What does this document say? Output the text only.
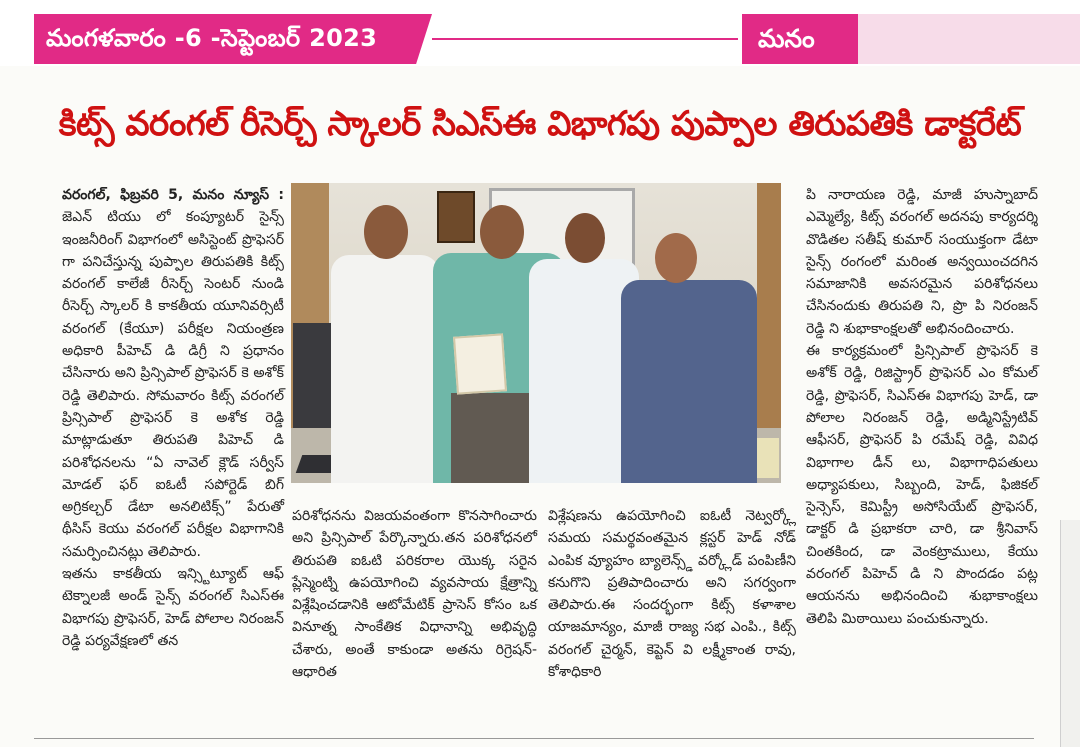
మంగళవారం -6 -సెప్టెంబర్ 2023	మనం
కిట్స్ వరంగల్ రీసెర్చ్ స్కాలర్ సిఎస్ఈ విభాగపు పుప్పాల తిరుపతికి డాక్టరేట్

వరంగల్, ఫిబ్రవరి 5, మనం న్యూస్ : జెఎన్ టియు లో కంప్యూటర్ సైన్స్ ఇంజనీరింగ్ విభాగంలో అసిస్టెంట్ ప్రొఫెసర్ గా పనిచేస్తున్న పుప్పాల తిరుపతికి కిట్స్ వరంగల్ కాలేజీ రీసెర్చ్ సెంటర్ నుండి రీసెర్చ్ స్కాలర్ కి కాకతీయ యూనివర్సిటీ వరంగల్ (కేయూ) పరీక్షల నియంత్రణ అధికారి పీహెచ్ డి డిగ్రీ ని ప్రధానం చేసినారు అని ప్రిన్సిపాల్ ప్రొఫెసర్ కె అశోక్ రెడ్డి తెలిపారు. సోమవారం కిట్స్ వరంగల్ ప్రిన్సిపాల్ ప్రొఫెసర్ కె అశోక రెడ్డి మాట్లాడుతూ తిరుపతి పిహెచ్ డి పరిశోధనలను “ఏ నావెల్ క్లౌడ్ సర్వీస్ మోడల్ ఫర్ ఐఓటీ సపోర్టెడ్ బిగ్ అగ్రికల్చర్ డేటా అనలిటిక్స్” పేరుతో థీసిస్ కెయు వరంగల్ పరీక్షల విభాగానికి సమర్పించినట్లు తెలిపారు.

ఇతను కాకతీయ ఇన్స్టిట్యూట్ ఆఫ్ టెక్నాలజీ అండ్ సైన్స్ వరంగల్ సిఎస్ఈ విభాగపు ప్రొఫెసర్, హెడ్ పోలాల నిరంజన్ రెడ్డి పర్యవేక్షణలో తన

పరిశోధనను విజయవంతంగా కొనసాగించారు అని ప్రిన్సిపాల్ పేర్కొన్నారు.తన పరిశోధనలో తిరుపతి ఐఓటి పరికరాల యొక్క సరైన ప్లేస్మెంట్ని ఉపయోగించి వ్యవసాయ క్షేత్రాన్ని విశ్లేషించడానికి ఆటోమేటిక్ ప్రాసెస్ కోసం ఒక వినూత్న సాంకేతిక విధానాన్ని అభివృద్ధి చేశారు, అంతే కాకుండా అతను రిగ్రెషన్-ఆధారిత

విశ్లేషణను ఉపయోగించి ఐఓటీ నెట్వర్క్లో సమయ సమర్థవంతమైన క్లస్టర్ హెడ్ నోడ్ ఎంపిక వ్యూహం బ్యాలెన్స్డ్ వర్క్లోడ్ పంపిణీని కనుగొని ప్రతిపాదించారు అని సగర్వంగా తెలిపారు.ఈ సందర్భంగా కిట్స్ కళాశాల యాజమాన్యం, మాజీ రాజ్య సభ ఎంపి., కిట్స్ వరంగల్ చైర్మన్, కెప్టెన్ వి లక్ష్మీకాంత రావు, కోశాధికారి

పి నారాయణ రెడ్డి, మాజీ హుస్నాబాద్ ఎమ్మెల్యే, కిట్స్ వరంగల్ అదనపు కార్యదర్శి వొడితల సతీష్ కుమార్ సంయుక్తంగా డేటా సైన్స్ రంగంలో మరింత అన్వయించదగిన సమాజానికి అవసరమైన పరిశోధనలు చేసినందుకు తిరుపతి ని, ప్రొ పి నిరంజన్ రెడ్డి ని శుభాకాంక్షలతో అభినందించారు.

ఈ కార్యక్రమంలో ప్రిన్సిపాల్ ప్రొఫెసర్ కె అశోక్ రెడ్డి, రిజిస్ట్రార్ ప్రొఫెసర్ ఎం కోమల్ రెడ్డి, ప్రొఫెసర్, సిఎస్ఈ విభాగపు హెడ్, డా పోలాల నిరంజన్ రెడ్డి, అడ్మినిస్ట్రేటివ్ ఆఫీసర్, ప్రొఫెసర్ పి రమేష్ రెడ్డి, వివిధ విభాగాల డీన్ లు, విభాగాధిపతులు అధ్యాపకులు, సిబ్బంది, హెడ్, ఫిజికల్ సైన్సెస్, కెమిస్ట్రీ అసోసియేట్ ప్రొఫెసర్, డాక్టర్ డి ప్రభాకరా చారి, డా శ్రీనివాస్ చింతకింద, డా వెంకట్రాములు, కేయు వరంగల్ పిహెచ్ డి ని పొందడం పట్ల ఆయనను అభినందించి శుభాకాంక్షలు తెలిపి మిఠాయిలు పంచుకున్నారు.
